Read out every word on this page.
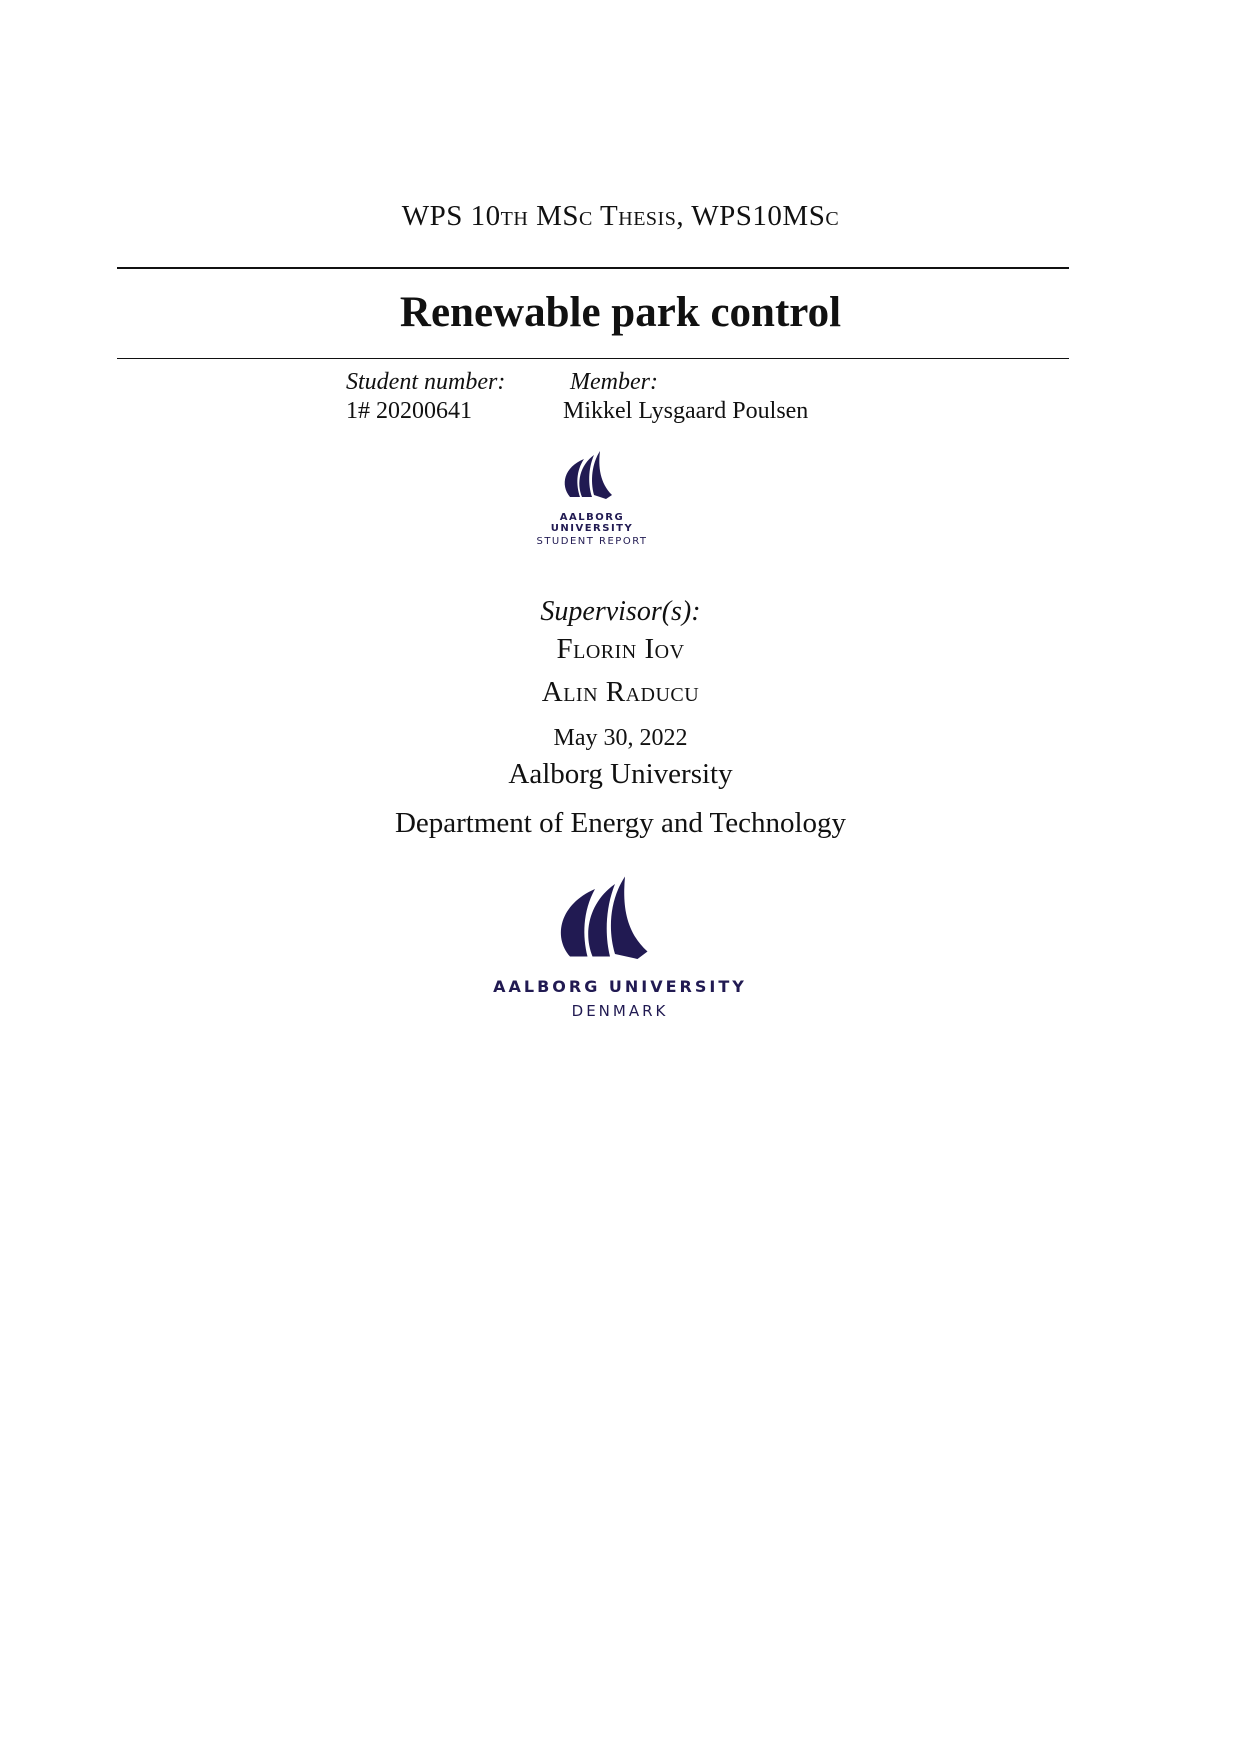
WPS 10th MSc Thesis, WPS10MSc
Renewable park control
Student number:
1# 20200641
Member:
Mikkel Lysgaard Poulsen
AALBORG UNIVERSITY
STUDENT REPORT
Supervisor(s):
Florin Iov
Alin Raducu
May 30, 2022
Aalborg University
Department of Energy and Technology
AALBORG UNIVERSITY
DENMARK
